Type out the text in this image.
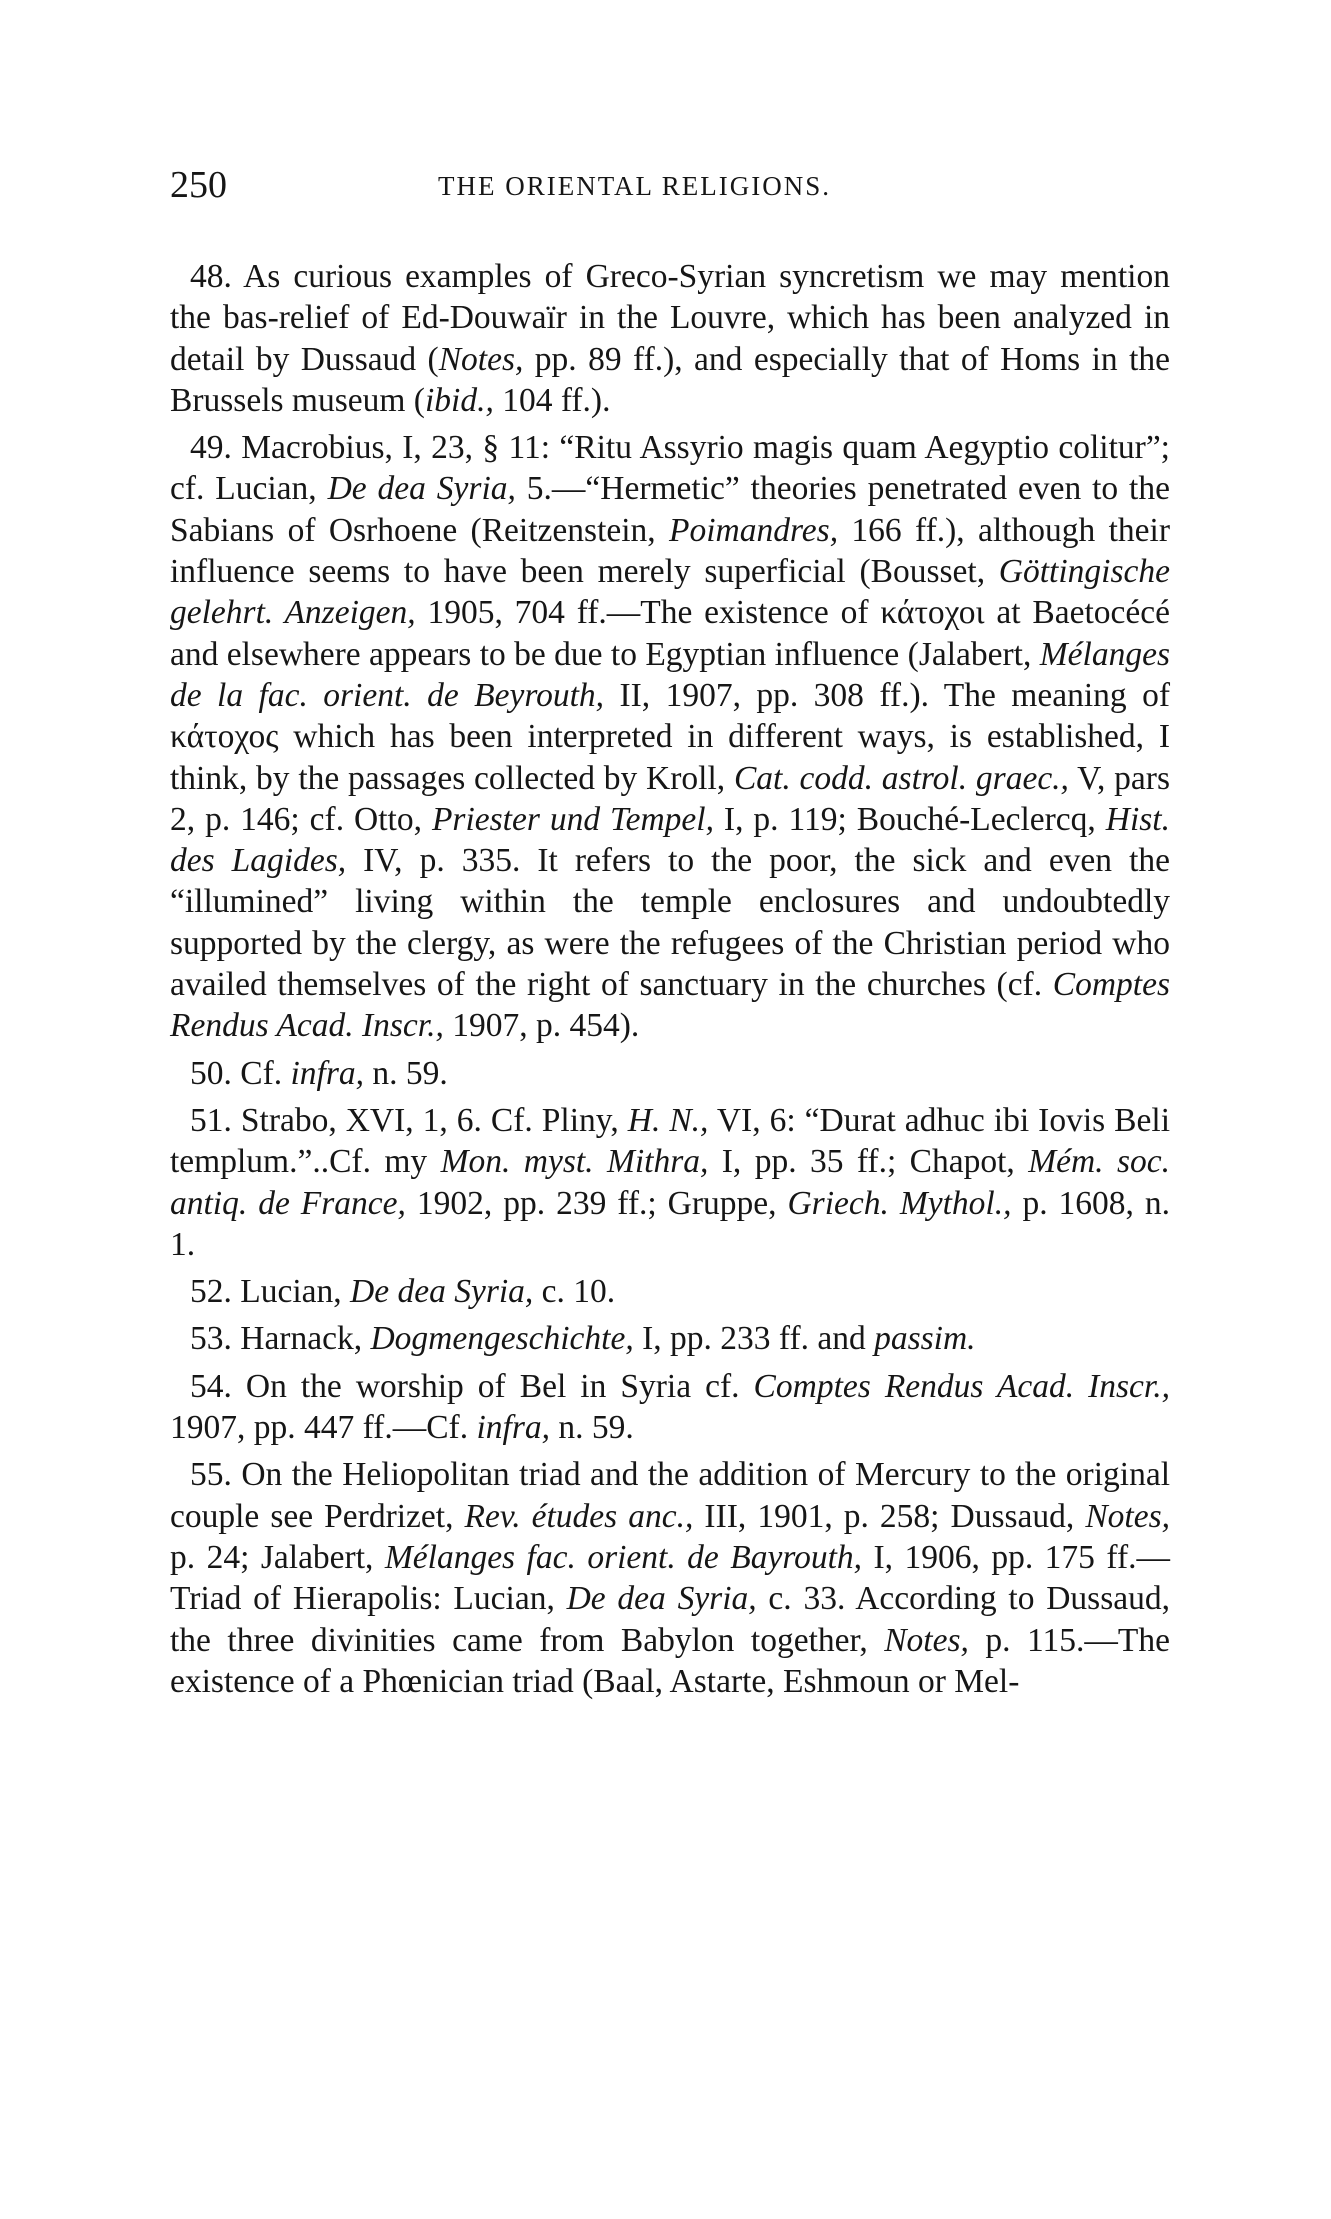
250	THE ORIENTAL RELIGIONS.

48. As curious examples of Greco-Syrian syncretism we may mention the bas-relief of Ed-Douwaïr in the Louvre, which has been analyzed in detail by Dussaud (Notes, pp. 89 ff.), and especially that of Homs in the Brussels museum (ibid., 104 ff.).

49. Macrobius, I, 23, § 11: “Ritu Assyrio magis quam Aegyptio colitur”; cf. Lucian, De dea Syria, 5.—“Hermetic” theories penetrated even to the Sabians of Osrhoene (Reitzenstein, Poimandres, 166 ff.), although their influence seems to have been merely superficial (Bousset, Göttingische gelehrt. Anzeigen, 1905, 704 ff.—The existence of κάτοχοι at Baetocécé and elsewhere appears to be due to Egyptian influence (Jalabert, Mélanges de la fac. orient. de Beyrouth, II, 1907, pp. 308 ff.). The meaning of κάτοχος which has been interpreted in different ways, is established, I think, by the passages collected by Kroll, Cat. codd. astrol. graec., V, pars 2, p. 146; cf. Otto, Priester und Tempel, I, p. 119; Bouché-Leclercq, Hist. des Lagides, IV, p. 335. It refers to the poor, the sick and even the “illumined” living within the temple enclosures and undoubtedly supported by the clergy, as were the refugees of the Christian period who availed themselves of the right of sanctuary in the churches (cf. Comptes Rendus Acad. Inscr., 1907, p. 454).

50. Cf. infra, n. 59.

51. Strabo, XVI, 1, 6. Cf. Pliny, H. N., VI, 6: “Durat adhuc ibi Iovis Beli templum.”..Cf. my Mon. myst. Mithra, I, pp. 35 ff.; Chapot, Mém. soc. antiq. de France, 1902, pp. 239 ff.; Gruppe, Griech. Mythol., p. 1608, n. 1.

52. Lucian, De dea Syria, c. 10.

53. Harnack, Dogmengeschichte, I, pp. 233 ff. and passim.

54. On the worship of Bel in Syria cf. Comptes Rendus Acad. Inscr., 1907, pp. 447 ff.—Cf. infra, n. 59.

55. On the Heliopolitan triad and the addition of Mercury to the original couple see Perdrizet, Rev. études anc., III, 1901, p. 258; Dussaud, Notes, p. 24; Jalabert, Mélanges fac. orient. de Bayrouth, I, 1906, pp. 175 ff.—Triad of Hierapolis: Lucian, De dea Syria, c. 33. According to Dussaud, the three divinities came from Babylon together, Notes, p. 115.—The existence of a Phœnician triad (Baal, Astarte, Eshmoun or Mel-
